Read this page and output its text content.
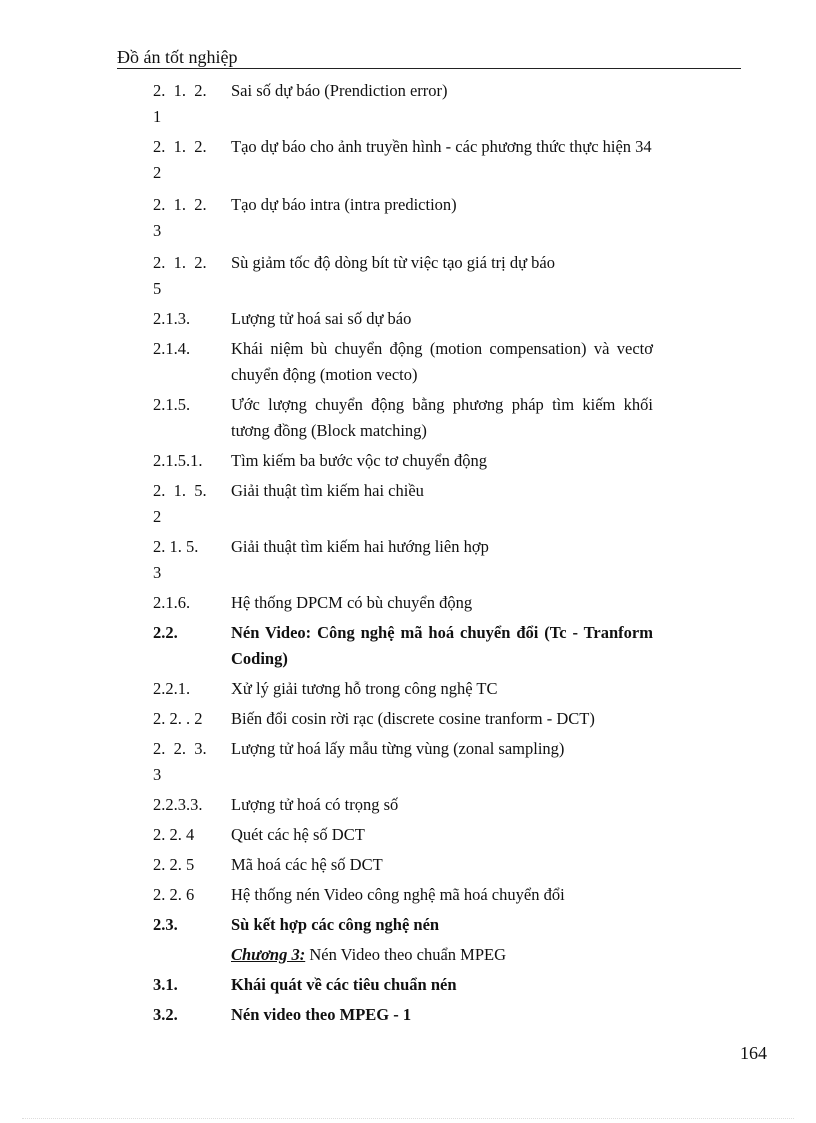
Đồ án tốt nghiệp
2.  1.  2. Sai số dự báo (Prendiction error)
1
2.  1.  2. Tạo dự báo cho ảnh truyền hình - các phương thức thực hiện 34
2
2.  1.  2. Tạo dự báo intra (intra prediction)
3
2.  1.  2. Sù giảm tốc độ dòng bít từ việc tạo giá trị dự báo
5
2.1.3. Lượng tử hoá sai số dự báo
2.1.4. Khái niệm bù chuyển động (motion compensation) và vectơ chuyển động (motion vecto)
2.1.5. Ước lượng chuyển động bằng phương pháp tìm kiếm khối tương đồng (Block matching)
2.1.5.1. Tìm kiếm ba bước vộc tơ chuyển động
2.  1.  5. Giải thuật tìm kiếm hai chiều
2
2. 1. 5. Giải thuật tìm kiếm hai hướng liên hợp
3
2.1.6. Hệ thống DPCM có bù chuyển động
2.2.	Nén Video: Công nghệ mã hoá chuyển đổi (Tc - Tranform Coding)
2.2.1. Xử lý giải tương hỗ trong công nghệ TC
2. 2. . 2 Biến đổi cosin rời rạc (discrete cosine tranform - DCT)
2.  2.  3. Lượng tử hoá lấy mẫu từng vùng (zonal sampling)
3
2.2.3.3. Lượng tử hoá có trọng số
2. 2. 4 Quét các hệ số DCT
2. 2. 5 Mã hoá các hệ số DCT
2. 2. 6 Hệ thống nén Video công nghệ mã hoá chuyển đổi
2.3.	Sù kết hợp các công nghệ nén
Chương 3: Nén Video theo chuẩn MPEG
3.1.	Khái quát về các tiêu chuẩn nén
3.2.	Nén video theo MPEG - 1
164
